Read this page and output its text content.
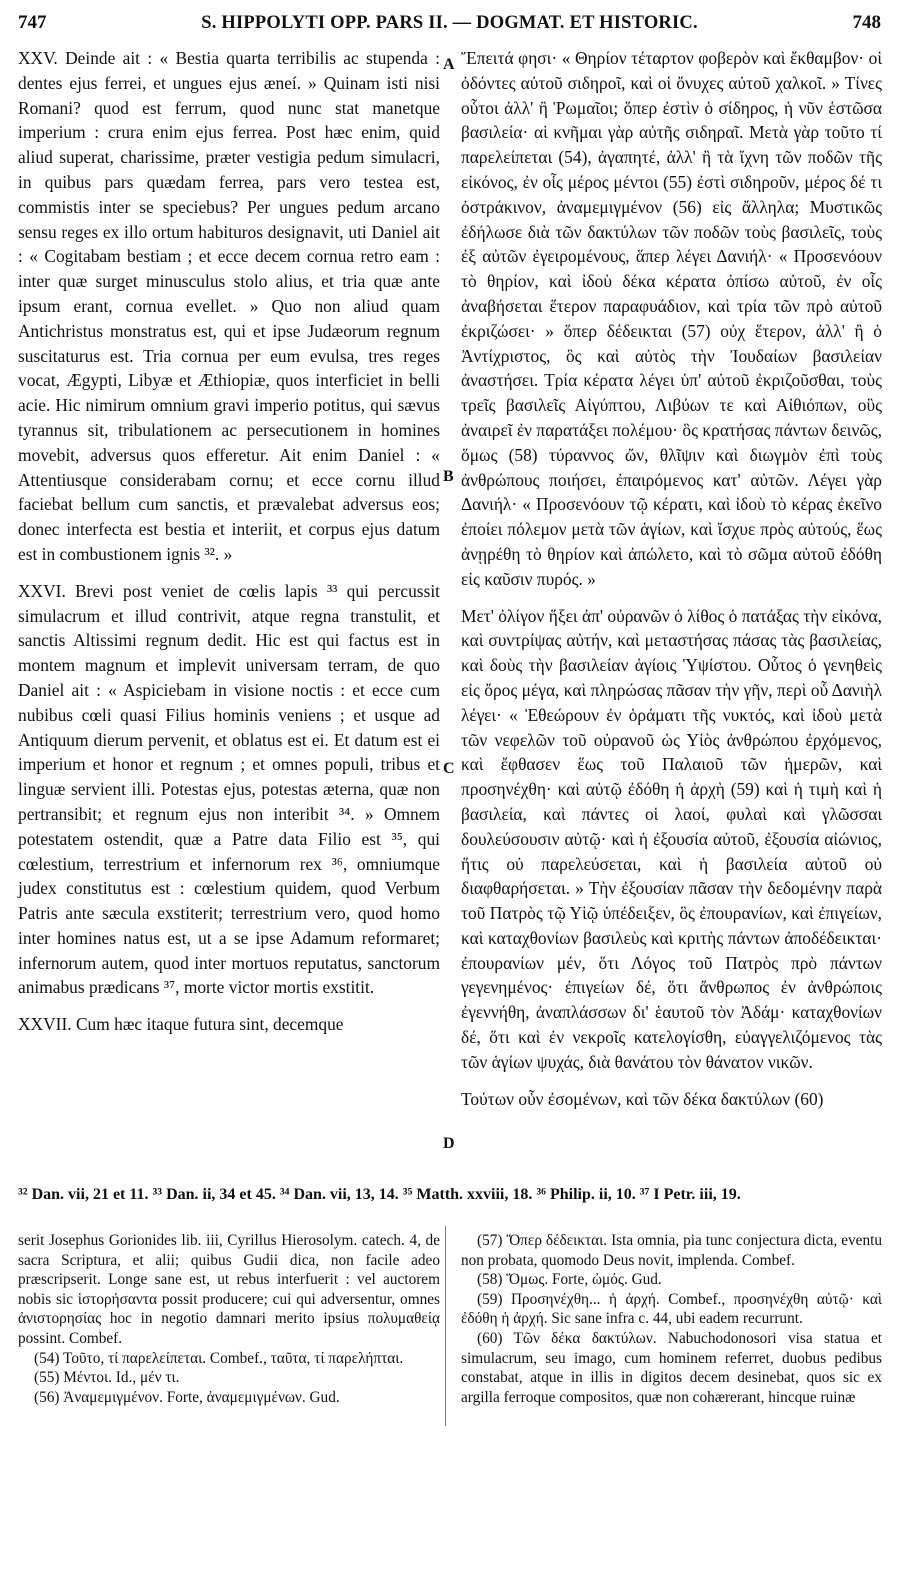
747	S. HIPPOLYTI OPP. PARS II. — DOGMAT. ET HISTORIC.	748

XXV. Deinde ait : « Bestia quarta terribilis ac stupenda : dentes ejus ferrei, et ungues ejus æneí. » Quinam isti nisi Romani? quod est ferrum, quod nunc stat manetque imperium : crura enim ejus ferrea. Post hæc enim, quid aliud superat, charissime, præter vestigia pedum simulacri, in quibus pars quædam ferrea, pars vero testea est, commistis inter se speciebus? Per ungues pedum arcano sensu reges ex illo ortum habituros designavit, uti Daniel ait : « Cogitabam bestiam ; et ecce decem cornua retro eam : inter quæ surget minusculus stolo alius, et tria quæ ante ipsum erant, cornua evellet. » Quo non aliud quam Antichristus monstratus est, qui et ipse Judæorum regnum suscitaturus est. Tria cornua per eum evulsa, tres reges vocat, Ægypti, Libyæ et Æthiopiæ, quos interficiet in belli acie. Hic nimirum omnium gravi imperio potitus, qui sævus tyrannus sit, tribulationem ac persecutionem in homines movebit, adversus quos efferetur. Ait enim Daniel : « Attentiusque considerabam cornu; et ecce cornu illud faciebat bellum cum sanctis, et prævalebat adversus eos; donec interfecta est bestia et interiit, et corpus ejus datum est in combustionem ignis ³². »

XXVI. Brevi post veniet de cœlis lapis ³³ qui percussit simulacrum et illud contrivit, atque regna transtulit, et sanctis Altissimi regnum dedit. Hic est qui factus est in montem magnum et implevit universam terram, de quo Daniel ait : « Aspiciebam in visione noctis : et ecce cum nubibus cœli quasi Filius hominis veniens ; et usque ad Antiquum dierum pervenit, et oblatus est ei. Et datum est ei imperium et honor et regnum ; et omnes populi, tribus et linguæ servient illi. Potestas ejus, potestas æterna, quæ non pertransibit; et regnum ejus non interibit ³⁴. » Omnem potestatem ostendit, quæ a Patre data Filio est ³⁵, qui cœlestium, terrestrium et infernorum rex ³⁶, omniumque judex constitutus est : cœlestium quidem, quod Verbum Patris ante sæcula exstiterit; terrestrium vero, quod homo inter homines natus est, ut a se ipse Adamum reformaret; infernorum autem, quod inter mortuos reputatus, sanctorum animabus prædicans ³⁷, morte victor mortis exstitit.

XXVII. Cum hæc itaque futura sint, decemque

A
B
C
D

Ἔπειτά φησι· « Θηρίον τέταρτον φοβερὸν καὶ ἔκθαμβον· οἱ ὀδόντες αὐτοῦ σιδηροῖ, καὶ οἱ ὄνυχες αὐτοῦ χαλκοῖ. » Τίνες οὗτοι ἀλλ' ἢ Ῥωμαῖοι; ὅπερ ἐστὶν ὁ σίδηρος, ἡ νῦν ἑστῶσα βασιλεία· αἱ κνῆμαι γὰρ αὐτῆς σιδηραῖ. Μετὰ γὰρ τοῦτο τί παρελείπεται (54), ἀγαπητέ, ἀλλ' ἢ τὰ ἴχνη τῶν ποδῶν τῆς εἰκόνος, ἐν οἷς μέρος μέντοι (55) ἐστὶ σιδηροῦν, μέρος δέ τι ὀστράκινον, ἀναμεμιγμένον (56) εἰς ἄλληλα; Μυστικῶς ἐδήλωσε διὰ τῶν δακτύλων τῶν ποδῶν τοὺς βασιλεῖς, τοὺς ἐξ αὐτῶν ἐγειρομένους, ἅπερ λέγει Δανιήλ· « Προσενόουν τὸ θηρίον, καὶ ἰδοὺ δέκα κέρατα ὀπίσω αὐτοῦ, ἐν οἷς ἀναβήσεται ἕτερον παραφυάδιον, καὶ τρία τῶν πρὸ αὐτοῦ ἐκριζώσει· » ὅπερ δέδεικται (57) οὐχ ἕτερον, ἀλλ' ἢ ὁ Ἀντίχριστος, ὃς καὶ αὐτὸς τὴν Ἰουδαίων βασιλείαν ἀναστήσει. Τρία κέρατα λέγει ὑπ' αὐτοῦ ἐκριζοῦσθαι, τοὺς τρεῖς βασιλεῖς Αἰγύπτου, Λιβύων τε καὶ Αἰθιόπων, οὓς ἀναιρεῖ ἐν παρατάξει πολέμου· ὃς κρατήσας πάντων δεινῶς, ὅμως (58) τύραννος ὤν, θλῖψιν καὶ διωγμὸν ἐπὶ τοὺς ἀνθρώπους ποιήσει, ἐπαιρόμενος κατ' αὐτῶν. Λέγει γὰρ Δανιήλ· « Προσενόουν τῷ κέρατι, καὶ ἰδοὺ τὸ κέρας ἐκεῖνο ἐποίει πόλεμον μετὰ τῶν ἁγίων, καὶ ἴσχυε πρὸς αὐτούς, ἕως ἀνῃρέθη τὸ θηρίον καὶ ἀπώλετο, καὶ τὸ σῶμα αὐτοῦ ἐδόθη εἰς καῦσιν πυρός. »

Μετ' ὀλίγον ἥξει ἀπ' οὐρανῶν ὁ λίθος ὁ πατάξας τὴν εἰκόνα, καὶ συντρίψας αὐτήν, καὶ μεταστήσας πάσας τὰς βασιλείας, καὶ δοὺς τὴν βασιλείαν ἁγίοις Ὑψίστου. Οὗτος ὁ γενηθεὶς εἰς ὄρος μέγα, καὶ πληρώσας πᾶσαν τὴν γῆν, περὶ οὗ Δανιὴλ λέγει· « Ἐθεώρουν ἐν ὁράματι τῆς νυκτός, καὶ ἰδοὺ μετὰ τῶν νεφελῶν τοῦ οὐρανοῦ ὡς Υἱὸς ἀνθρώπου ἐρχόμενος, καὶ ἔφθασεν ἕως τοῦ Παλαιοῦ τῶν ἡμερῶν, καὶ προσηνέχθη· καὶ αὐτῷ ἐδόθη ἡ ἀρχὴ (59) καὶ ἡ τιμὴ καὶ ἡ βασιλεία, καὶ πάντες οἱ λαοί, φυλαὶ καὶ γλῶσσαι δουλεύσουσιν αὐτῷ· καὶ ἡ ἐξουσία αὐτοῦ, ἐξουσία αἰώνιος, ἥτις οὐ παρελεύσεται, καὶ ἡ βασιλεία αὐτοῦ οὐ διαφθαρήσεται. » Τὴν ἐξουσίαν πᾶσαν τὴν δεδομένην παρὰ τοῦ Πατρὸς τῷ Υἱῷ ὑπέδειξεν, ὃς ἐπουρανίων, καὶ ἐπιγείων, καὶ καταχθονίων βασιλεὺς καὶ κριτὴς πάντων ἀποδέδεικται· ἐπουρανίων μέν, ὅτι Λόγος τοῦ Πατρὸς πρὸ πάντων γεγενημένος· ἐπιγείων δέ, ὅτι ἄνθρωπος ἐν ἀνθρώποις ἐγεννήθη, ἀναπλάσσων δι' ἑαυτοῦ τὸν Ἀδάμ· καταχθονίων δέ, ὅτι καὶ ἐν νεκροῖς κατελογίσθη, εὐαγγελιζόμενος τὰς τῶν ἁγίων ψυχάς, διὰ θανάτου τὸν θάνατον νικῶν.

Τούτων οὖν ἐσομένων, καὶ τῶν δέκα δακτύλων (60)

³² Dan. vii, 21 et 11. ³³ Dan. ii, 34 et 45. ³⁴ Dan. vii, 13, 14. ³⁵ Matth. xxviii, 18. ³⁶ Philip. ii, 10. ³⁷ I Petr. iii, 19.

serit Josephus Gorionides lib. iii, Cyrillus Hierosolym. catech. 4, de sacra Scriptura, et alii; quibus Gudii dica, non facile adeo præscripserit. Longe sane est, ut rebus interfuerit : vel auctorem nobis sic ἱστορήσαντα possit producere; cui qui adversentur, omnes ἀνιστορησίας hoc in negotio damnari merito ipsius πολυμαθείᾳ possint. Combef.

(54) Τοῦτο, τί παρελείπεται. Combef., ταῦτα, τί παρελήπται.

(55) Μέντοι. Id., μέν τι.

(56) Ἀναμεμιγμένον. Forte, ἀναμεμιγμένων. Gud.

(57) Ὅπερ δέδεικται. Ista omnia, pia tunc conjectura dicta, eventu non probata, quomodo Deus novit, implenda. Combef.

(58) Ὅμως. Forte, ὠμός. Gud.

(59) Προσηνέχθη... ἡ ἀρχή. Combef., προσηνέχθη αὐτῷ· καὶ ἐδόθη ἡ ἀρχή. Sic sane infra c. 44, ubi eadem recurrunt.

(60) Τῶν δέκα δακτύλων. Nabuchodonosori visa statua et simulacrum, seu imago, cum hominem referret, duobus pedibus constabat, atque in illis in digitos decem desinebat, quos sic ex argilla ferroque compositos, quæ non cohærerant, hincque ruinæ
